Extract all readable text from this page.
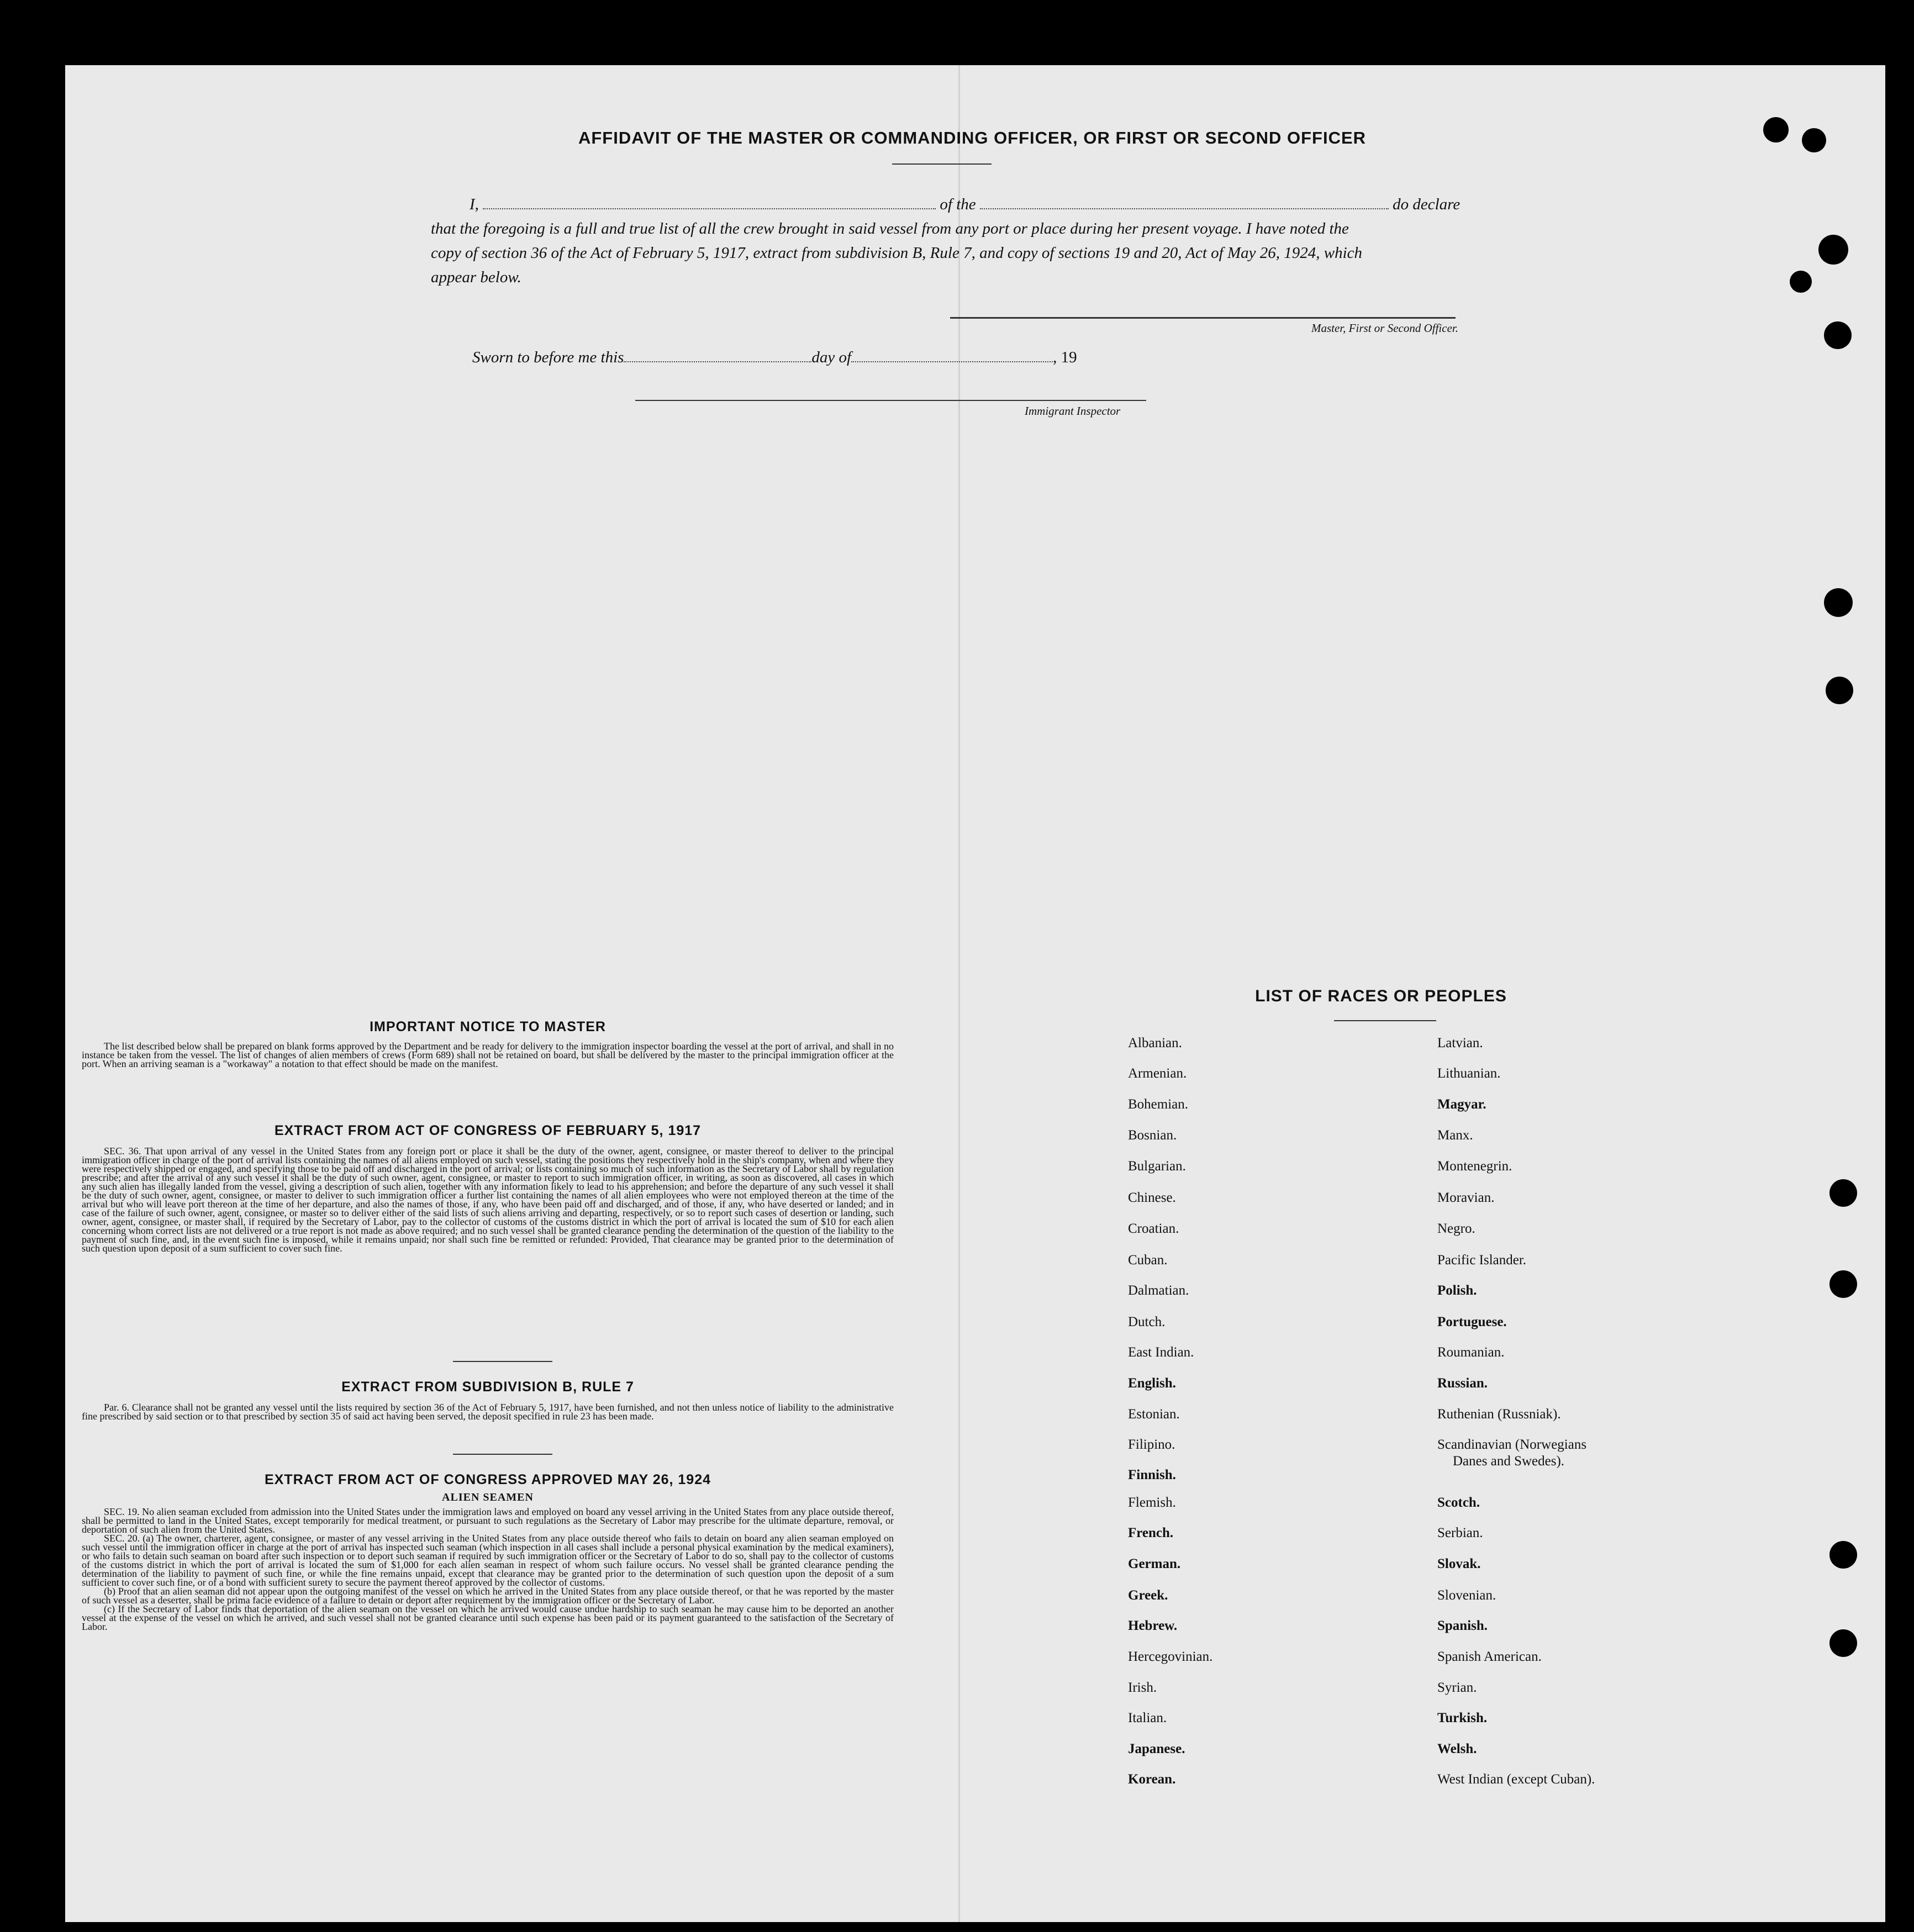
AFFIDAVIT OF THE MASTER OR COMMANDING OFFICER, OR FIRST OR SECOND OFFICER
I,	of the	do declare
that the foregoing is a full and true list of all the crew brought in said vessel from any port or place during her present voyage. I have noted the
copy of section 36 of the Act of February 5, 1917, extract from subdivision B, Rule 7, and copy of sections 19 and 20, Act of May 26, 1924, which
appear below.
Master, First or Second Officer.
Sworn to before me this	day of	, 19
Immigrant Inspector
IMPORTANT NOTICE TO MASTER

The list described below shall be prepared on blank forms approved by the Department and be ready for delivery to the immigration inspector boarding the vessel at the port of arrival, and shall in no instance be taken from the vessel. The list of changes of alien members of crews (Form 689) shall not be retained on board, but shall be delivered by the master to the principal immigration officer at the port. When an arriving seaman is a "workaway" a notation to that effect should be made on the manifest.

EXTRACT FROM ACT OF CONGRESS OF FEBRUARY 5, 1917

SEC. 36. That upon arrival of any vessel in the United States from any foreign port or place it shall be the duty of the owner, agent, consignee, or master thereof to deliver to the principal immigration officer in charge of the port of arrival lists containing the names of all aliens employed on such vessel, stating the positions they respectively hold in the ship's company, when and where they were respectively shipped or engaged, and specifying those to be paid off and discharged in the port of arrival; or lists containing so much of such information as the Secretary of Labor shall by regulation prescribe; and after the arrival of any such vessel it shall be the duty of such owner, agent, consignee, or master to report to such immigration officer, in writing, as soon as discovered, all cases in which any such alien has illegally landed from the vessel, giving a description of such alien, together with any information likely to lead to his apprehension; and before the departure of any such vessel it shall be the duty of such owner, agent, consignee, or master to deliver to such immigration officer a further list containing the names of all alien employees who were not employed thereon at the time of the arrival but who will leave port thereon at the time of her departure, and also the names of those, if any, who have been paid off and discharged, and of those, if any, who have deserted or landed; and in case of the failure of such owner, agent, consignee, or master so to deliver either of the said lists of such aliens arriving and departing, respectively, or so to report such cases of desertion or landing, such owner, agent, consignee, or master shall, if required by the Secretary of Labor, pay to the collector of customs of the customs district in which the port of arrival is located the sum of $10 for each alien concerning whom correct lists are not delivered or a true report is not made as above required; and no such vessel shall be granted clearance pending the determination of the question of the liability to the payment of such fine, and, in the event such fine is imposed, while it remains unpaid; nor shall such fine be remitted or refunded: Provided, That clearance may be granted prior to the determination of such question upon deposit of a sum sufficient to cover such fine.

EXTRACT FROM SUBDIVISION B, RULE 7

Par. 6. Clearance shall not be granted any vessel until the lists required by section 36 of the Act of February 5, 1917, have been furnished, and not then unless notice of liability to the administrative fine prescribed by said section or to that prescribed by section 35 of said act having been served, the deposit specified in rule 23 has been made.

EXTRACT FROM ACT OF CONGRESS APPROVED MAY 26, 1924
ALIEN SEAMEN

SEC. 19. No alien seaman excluded from admission into the United States under the immigration laws and employed on board any vessel arriving in the United States from any place outside thereof, shall be permitted to land in the United States, except temporarily for medical treatment, or pursuant to such regulations as the Secretary of Labor may prescribe for the ultimate departure, removal, or deportation of such alien from the United States.

SEC. 20. (a) The owner, charterer, agent, consignee, or master of any vessel arriving in the United States from any place outside thereof who fails to detain on board any alien seaman employed on such vessel until the immigration officer in charge at the port of arrival has inspected such seaman (which inspection in all cases shall include a personal physical examination by the medical examiners), or who fails to detain such seaman on board after such inspection or to deport such seaman if required by such immigration officer or the Secretary of Labor to do so, shall pay to the collector of customs of the customs district in which the port of arrival is located the sum of $1,000 for each alien seaman in respect of whom such failure occurs. No vessel shall be granted clearance pending the determination of the liability to payment of such fine, or while the fine remains unpaid, except that clearance may be granted prior to the determination of such question upon the deposit of a sum sufficient to cover such fine, or of a bond with sufficient surety to secure the payment thereof approved by the collector of customs.

(b) Proof that an alien seaman did not appear upon the outgoing manifest of the vessel on which he arrived in the United States from any place outside thereof, or that he was reported by the master of such vessel as a deserter, shall be prima facie evidence of a failure to detain or deport after requirement by the immigration officer or the Secretary of Labor.

(c) If the Secretary of Labor finds that deportation of the alien seaman on the vessel on which he arrived would cause undue hardship to such seaman he may cause him to be deported an another vessel at the expense of the vessel on which he arrived, and such vessel shall not be granted clearance until such expense has been paid or its payment guaranteed to the satisfaction of the Secretary of Labor.

LIST OF RACES OR PEOPLES
Albanian.
Armenian.
Bohemian.
Bosnian.
Bulgarian.
Chinese.
Croatian.
Cuban.
Dalmatian.
Dutch.
East Indian.
English.
Estonian.
Filipino.
Finnish.
Flemish.
French.
German.
Greek.
Hebrew.
Hercegovinian.
Irish.
Italian.
Japanese.
Korean.
Latvian.
Lithuanian.
Magyar.
Manx.
Montenegrin.
Moravian.
Negro.
Pacific Islander.
Polish.
Portuguese.
Roumanian.
Russian.
Ruthenian (Russniak).
Scandinavian (Norwegians
Danes and Swedes).
Scotch.
Serbian.
Slovak.
Slovenian.
Spanish.
Spanish American.
Syrian.
Turkish.
Welsh.
West Indian (except Cuban).
